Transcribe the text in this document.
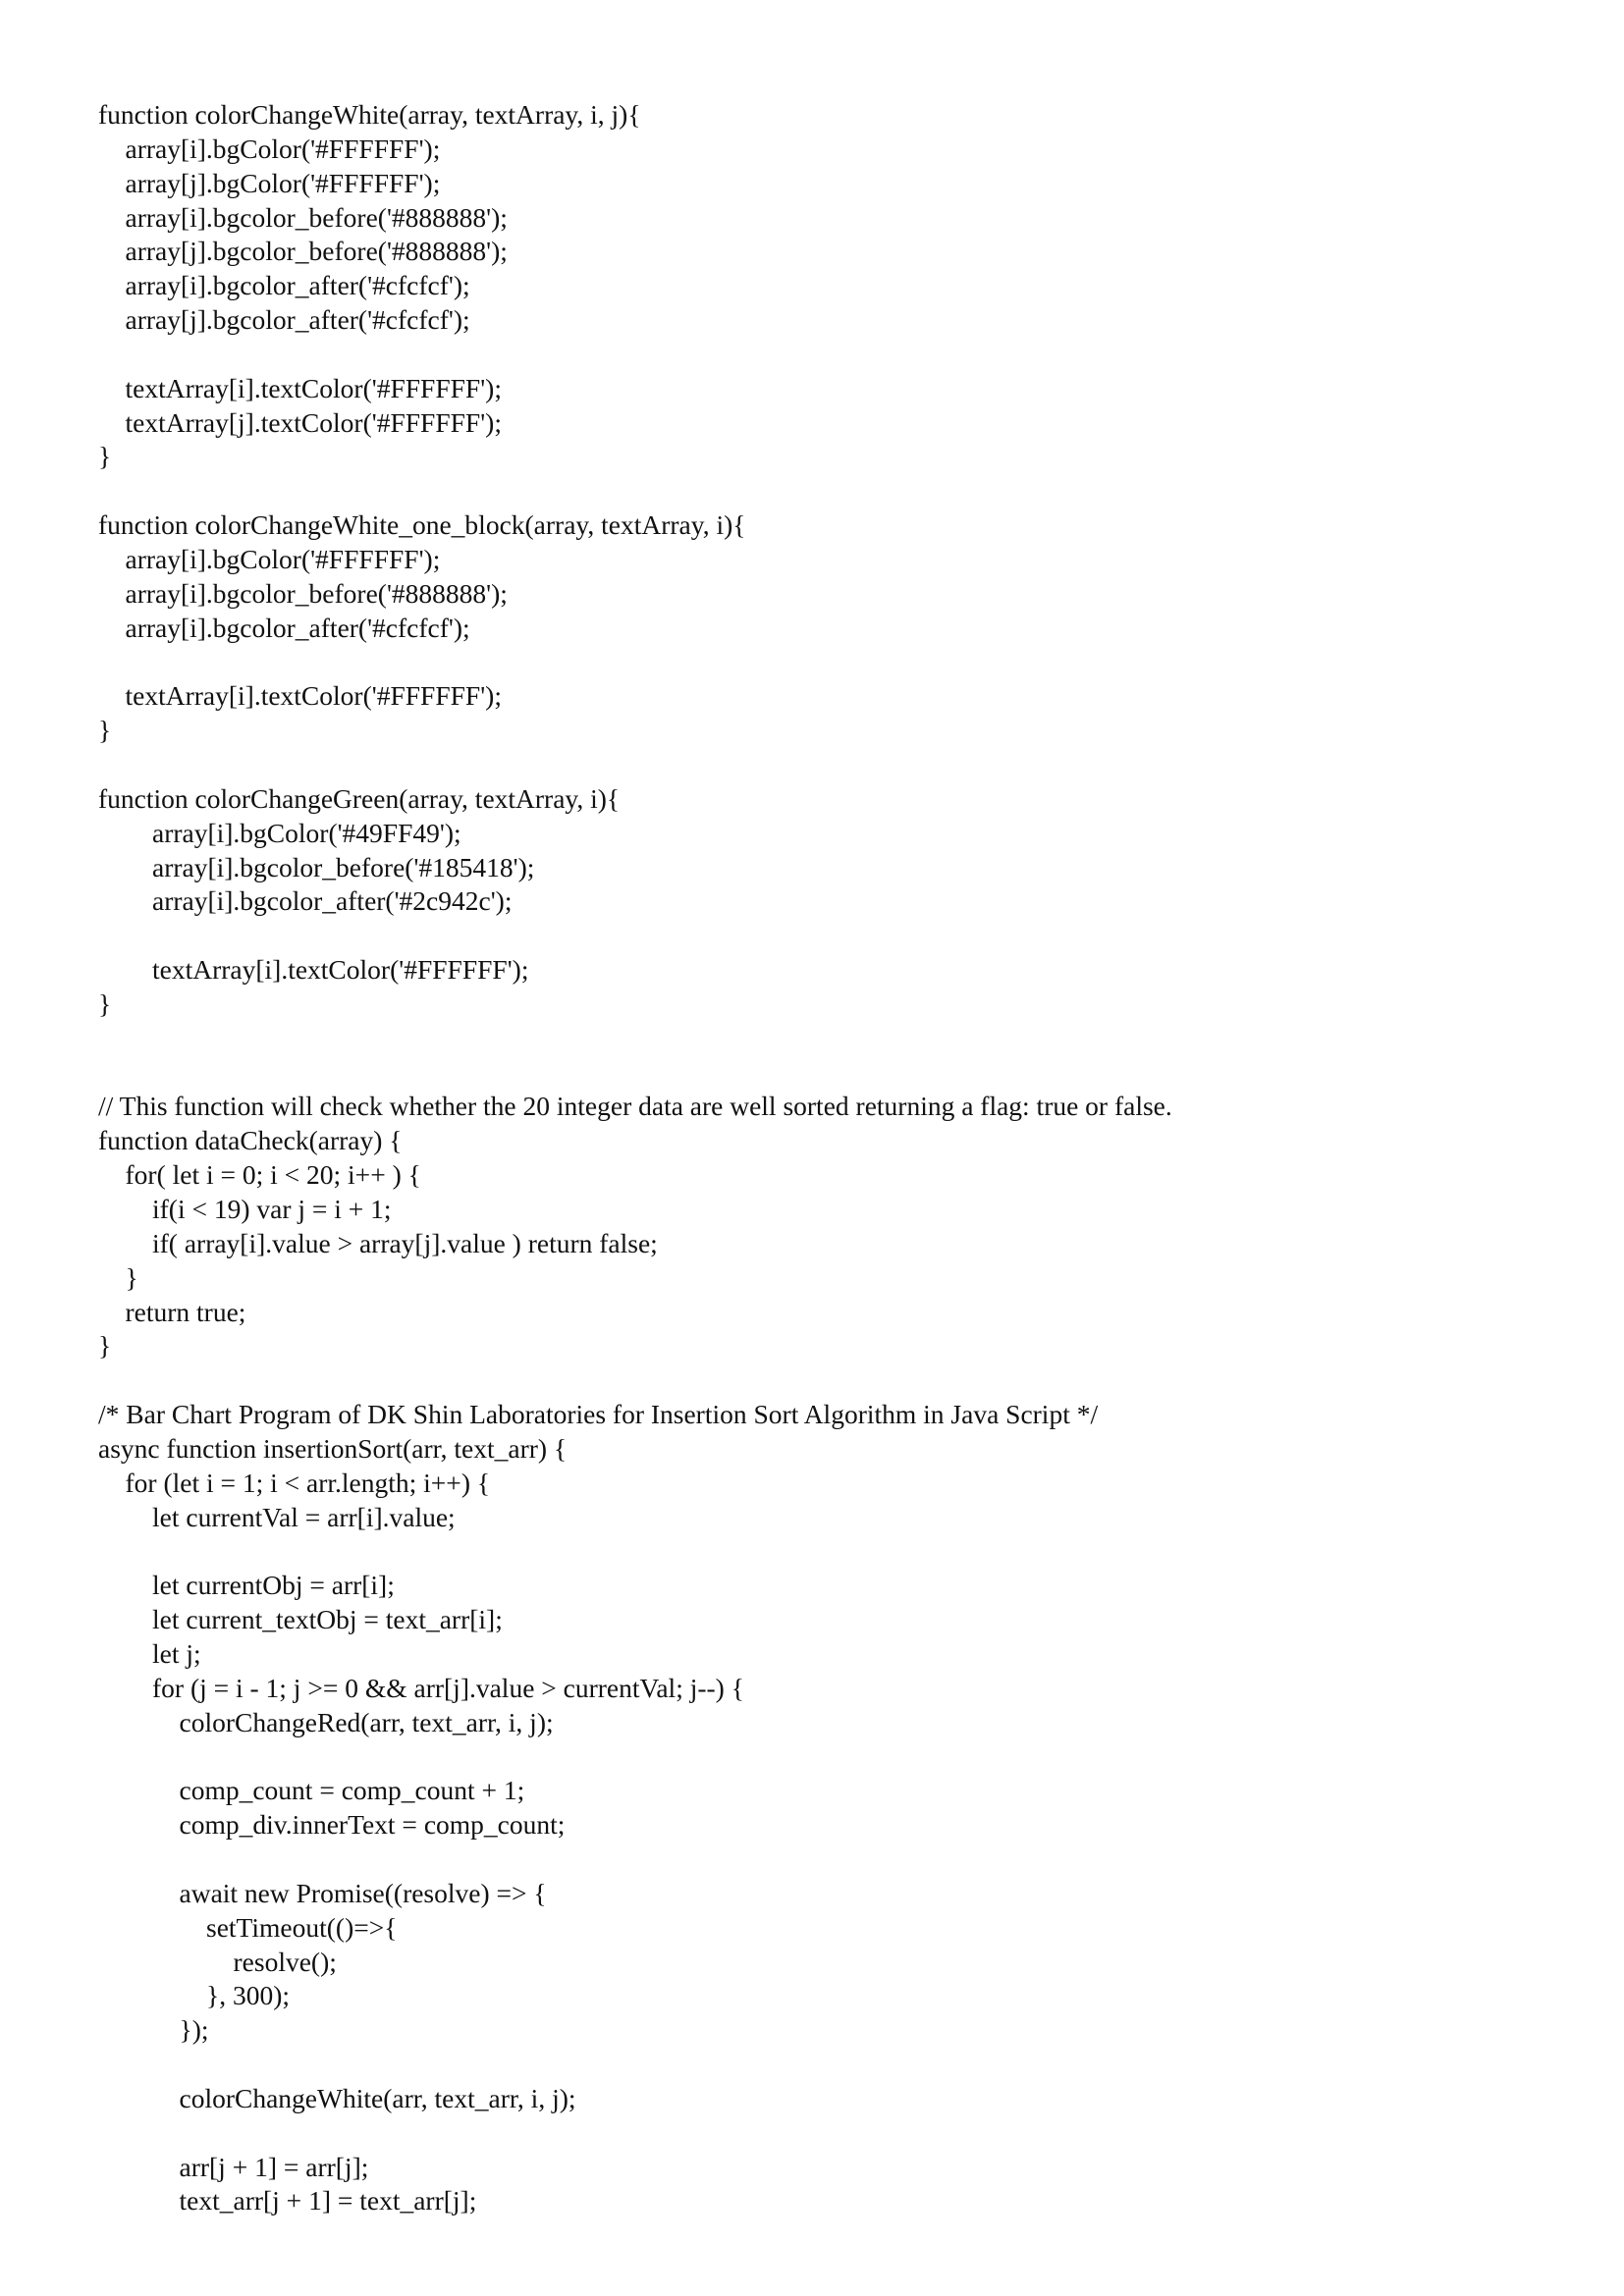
function colorChangeWhite(array, textArray, i, j){
array[i].bgColor('#FFFFFF');
array[j].bgColor('#FFFFFF');
array[i].bgcolor_before('#888888');
array[j].bgcolor_before('#888888');
array[i].bgcolor_after('#cfcfcf');
array[j].bgcolor_after('#cfcfcf');
textArray[i].textColor('#FFFFFF');
textArray[j].textColor('#FFFFFF');
}
function colorChangeWhite_one_block(array, textArray, i){
array[i].bgColor('#FFFFFF');
array[i].bgcolor_before('#888888');
array[i].bgcolor_after('#cfcfcf');
textArray[i].textColor('#FFFFFF');
}
function colorChangeGreen(array, textArray, i){
array[i].bgColor('#49FF49');
array[i].bgcolor_before('#185418');
array[i].bgcolor_after('#2c942c');
textArray[i].textColor('#FFFFFF');
}
// This function will check whether the 20 integer data are well sorted returning a flag: true or false.
function dataCheck(array) {
for( let i = 0; i < 20; i++ ) {
if(i < 19) var j = i + 1;
if( array[i].value > array[j].value ) return false;
}
return true;
}
/* Bar Chart Program of DK Shin Laboratories for Insertion Sort Algorithm in Java Script */
async function insertionSort(arr, text_arr) {
for (let i = 1; i < arr.length; i++) {
let currentVal = arr[i].value;
let currentObj = arr[i];
let current_textObj = text_arr[i];
let j;
for (j = i - 1; j >= 0 && arr[j].value > currentVal; j--) {
colorChangeRed(arr, text_arr, i, j);
comp_count = comp_count + 1;
comp_div.innerText = comp_count;
await new Promise((resolve) => {
setTimeout(()=>{
resolve();
}, 300);
});
colorChangeWhite(arr, text_arr, i, j);
arr[j + 1] = arr[j];
text_arr[j + 1] = text_arr[j];
